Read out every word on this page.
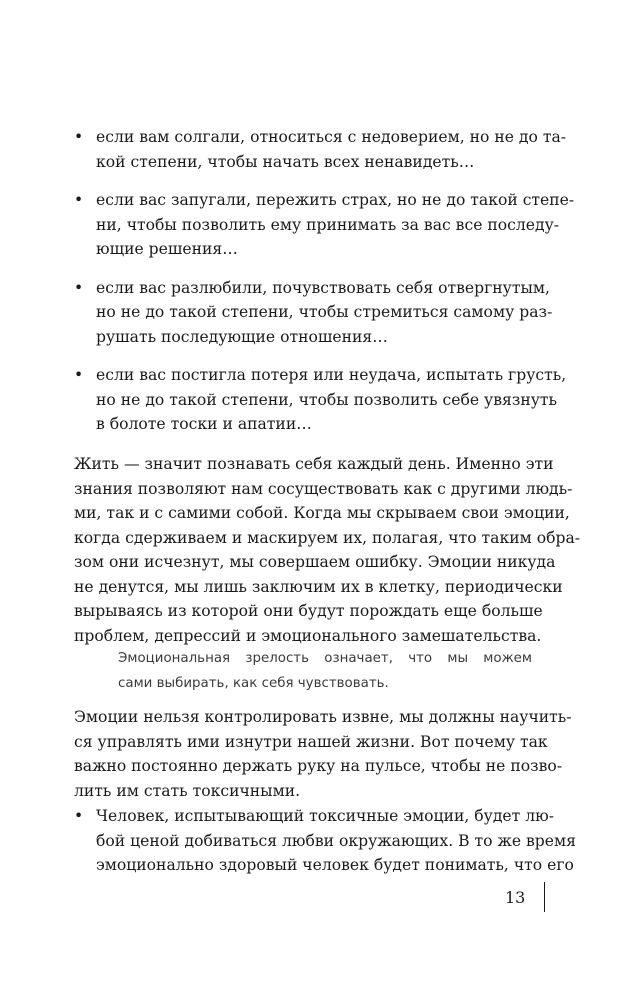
• если вам солгали, относиться с недоверием, но не до та-
кой степени, чтобы начать всех ненавидеть…
• если вас запугали, пережить страх, но не до такой степе-
ни, чтобы позволить ему принимать за вас все последу-
ющие решения…
• если вас разлюбили, почувствовать себя отвергнутым,
но не до такой степени, чтобы стремиться самому раз-
рушать последующие отношения…
• если вас постигла потеря или неудача, испытать грусть,
но не до такой степени, чтобы позволить себе увязнуть
в болоте тоски и апатии…
Жить — значит познавать себя каждый день. Именно эти
знания позволяют нам сосуществовать как с другими людь-
ми, так и с самими собой. Когда мы скрываем свои эмоции,
когда сдерживаем и маскируем их, полагая, что таким обра-
зом они исчезнут, мы совершаем ошибку. Эмоции никуда
не денутся, мы лишь заключим их в клетку, периодически
вырываясь из которой они будут порождать еще больше
проблем, депрессий и эмоционального замешательства.
Эмоциональная зрелость означает, что мы можем
сами выбирать, как себя чувствовать.
Эмоции нельзя контролировать извне, мы должны научить-
ся управлять ими изнутри нашей жизни. Вот почему так
важно постоянно держать руку на пульсе, чтобы не позво-
лить им стать токсичными.
• Человек, испытывающий токсичные эмоции, будет лю-
бой ценой добиваться любви окружающих. В то же время
эмоционально здоровый человек будет понимать, что его
13
